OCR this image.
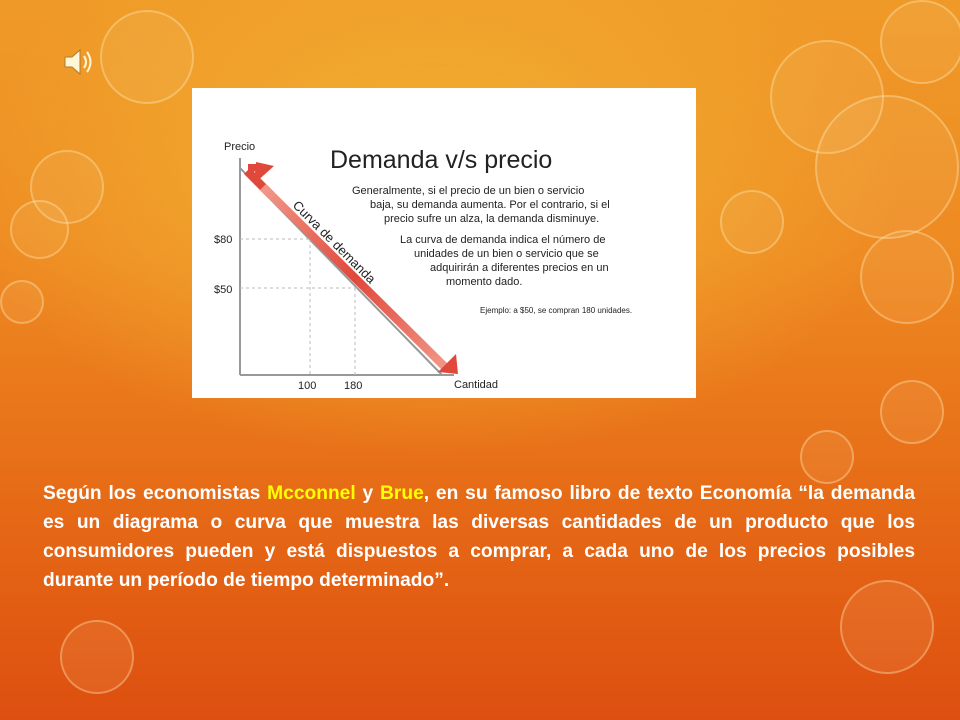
Precio
Cantidad
$80
$50
100	180
Curva de demanda
Demanda v/s precio
Generalmente, si el precio de un bien o servicio
baja, su demanda aumenta. Por el contrario, si el
precio sufre un alza, la demanda disminuye.
La curva de demanda indica el número de
unidades de un bien o servicio que se
adquirirán a diferentes precios en un
momento dado.
Ejemplo: a $50, se compran 180 unidades.
Según los economistas Mcconnel y Brue, en su famoso libro de texto Economía “la demanda es un diagrama o curva que muestra las diversas cantidades de un producto que los consumidores pueden y está dispuestos a comprar, a cada uno de los precios posibles durante un período de tiempo determinado”.
